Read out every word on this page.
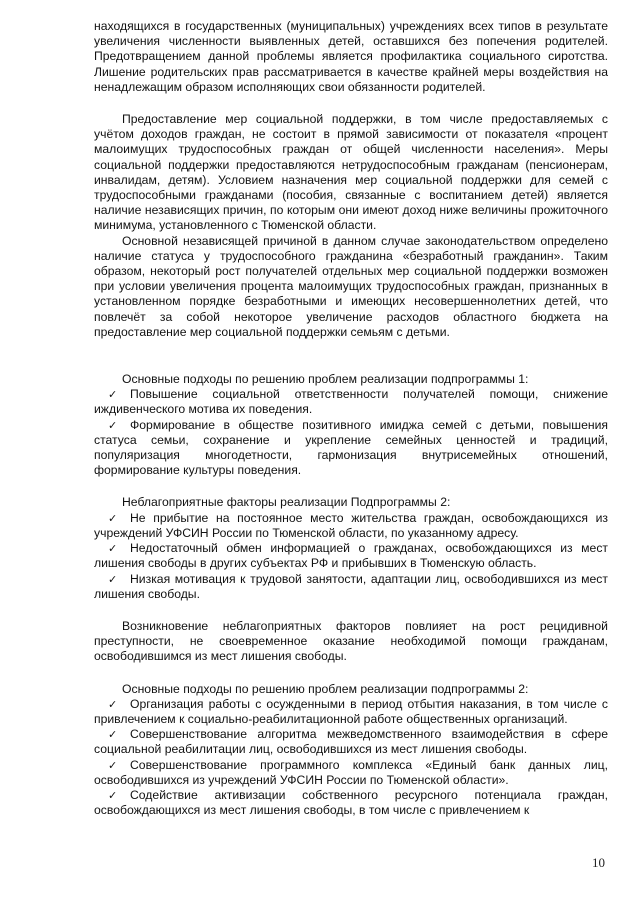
находящихся в государственных (муниципальных) учреждениях всех типов в результате увеличения численности выявленных детей, оставшихся без попечения родителей. Предотвращением данной проблемы является профилактика социального сиротства. Лишение родительских прав рассматривается в качестве крайней меры воздействия на ненадлежащим образом исполняющих свои обязанности родителей.

Предоставление мер социальной поддержки, в том числе предоставляемых с учётом доходов граждан, не состоит в прямой зависимости от показателя «процент малоимущих трудоспособных граждан от общей численности населения». Меры социальной поддержки предоставляются нетрудоспособным гражданам (пенсионерам, инвалидам, детям). Условием назначения мер социальной поддержки для семей с трудоспособными гражданами (пособия, связанные с воспитанием детей) является наличие независящих причин, по которым они имеют доход ниже величины прожиточного минимума, установленного с Тюменской области.

Основной независящей причиной в данном случае законодательством определено наличие статуса у трудоспособного гражданина «безработный гражданин». Таким образом, некоторый рост получателей отдельных мер социальной поддержки возможен при условии увеличения процента малоимущих трудоспособных граждан, признанных в установленном порядке безработными и имеющих несовершеннолетних детей, что повлечёт за собой некоторое увеличение расходов областного бюджета на предоставление мер социальной поддержки семьям с детьми.

Основные подходы по решению проблем реализации подпрограммы 1:

✓ Повышение социальной ответственности получателей помощи, снижение иждивенческого мотива их поведения.

✓ Формирование в обществе позитивного имиджа семей с детьми, повышения статуса семьи, сохранение и укрепление семейных ценностей и традиций, популяризация многодетности, гармонизация внутрисемейных отношений, формирование культуры поведения.

Неблагоприятные факторы реализации Подпрограммы 2:

✓ Не прибытие на постоянное место жительства граждан, освобождающихся из учреждений УФСИН России по Тюменской области, по указанному адресу.

✓ Недостаточный обмен информацией о гражданах, освобождающихся из мест лишения свободы в других субъектах РФ и прибывших в Тюменскую область.

✓ Низкая мотивация к трудовой занятости, адаптации лиц, освободившихся из мест лишения свободы.

Возникновение неблагоприятных факторов повлияет на рост рецидивной преступности, не своевременное оказание необходимой помощи гражданам, освободившимся из мест лишения свободы.

Основные подходы по решению проблем реализации подпрограммы 2:

✓ Организация работы с осужденными в период отбытия наказания, в том числе с привлечением к социально-реабилитационной работе общественных организаций.

✓ Совершенствование алгоритма межведомственного взаимодействия в сфере социальной реабилитации лиц, освободившихся из мест лишения свободы.

✓ Совершенствование программного комплекса «Единый банк данных лиц, освободившихся из учреждений УФСИН России по Тюменской области».

✓ Содействие активизации собственного ресурсного потенциала граждан, освобождающихся из мест лишения свободы, в том числе с привлечением к

10
